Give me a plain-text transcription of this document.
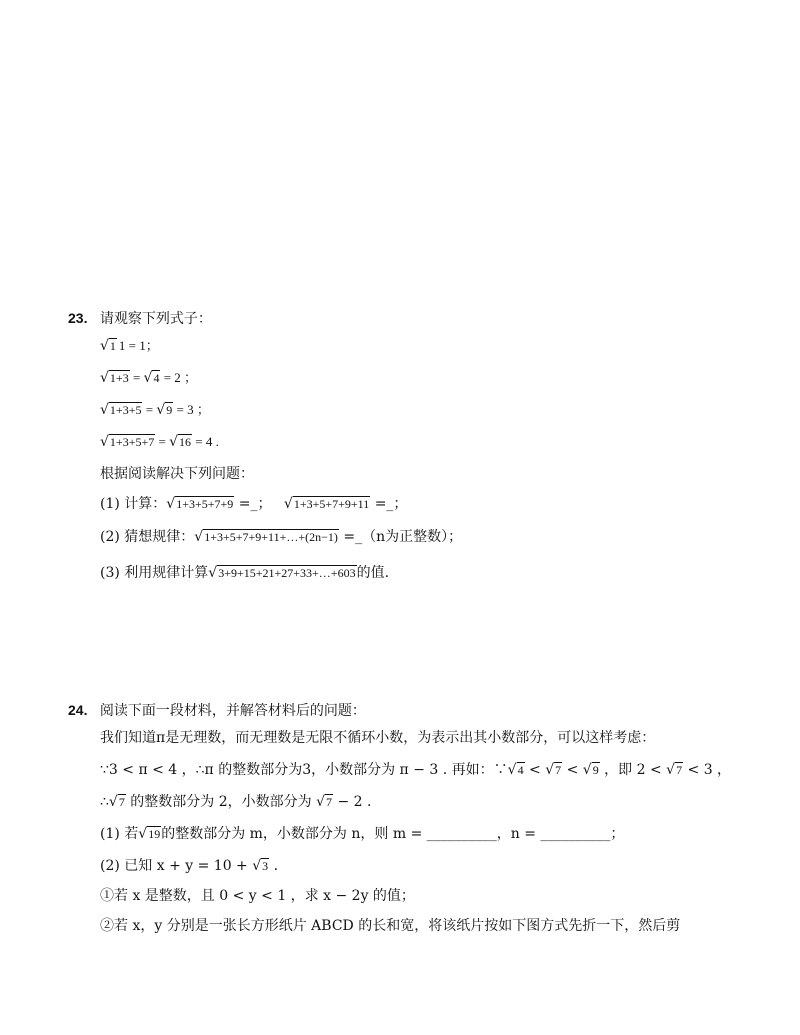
23. 请观察下列式子：
√ 1 1 = 1；
√ 1+3 = √ 4 = 2 ；
√ 1+3+5 = √ 9 = 3 ；
√ 1+3+5+7 = √ 16 = 4 .
根据阅读解决下列问题：
(1) 计算： √ 1+3+5+7+9 =_； √ 1+3+5+7+9+11 =_；
(2) 猜想规律： √ 1+3+5+7+9+11+…+(2n−1) =_（n为正整数）；
(3) 利用规律计算 √ 3+9+15+21+27+33+…+603的值.
24. 阅读下面一段材料，并解答材料后的问题：
我们知道π是无理数，而无理数是无限不循环小数，为表示出其小数部分，可以这样考虑：
∵3 < π < 4 ，∴π 的整数部分为3，小数部分为 π − 3 . 再如：∵ √ 4 < √ 7 < √ 9 ，即 2 < √ 7 < 3 ，
∴ √ 7 的整数部分为 2，小数部分为 √ 7 − 2 .
(1) 若 √ 19的整数部分为 m，小数部分为 n，则 m = __________，n = __________；
(2) 已知 x + y = 10 + √ 3 .
①若 x 是整数，且 0 < y < 1 ，求 x − 2y 的值；
②若 x，y 分别是一张长方形纸片 ABCD 的长和宽，将该纸片按如下图方式先折一下，然后剪
